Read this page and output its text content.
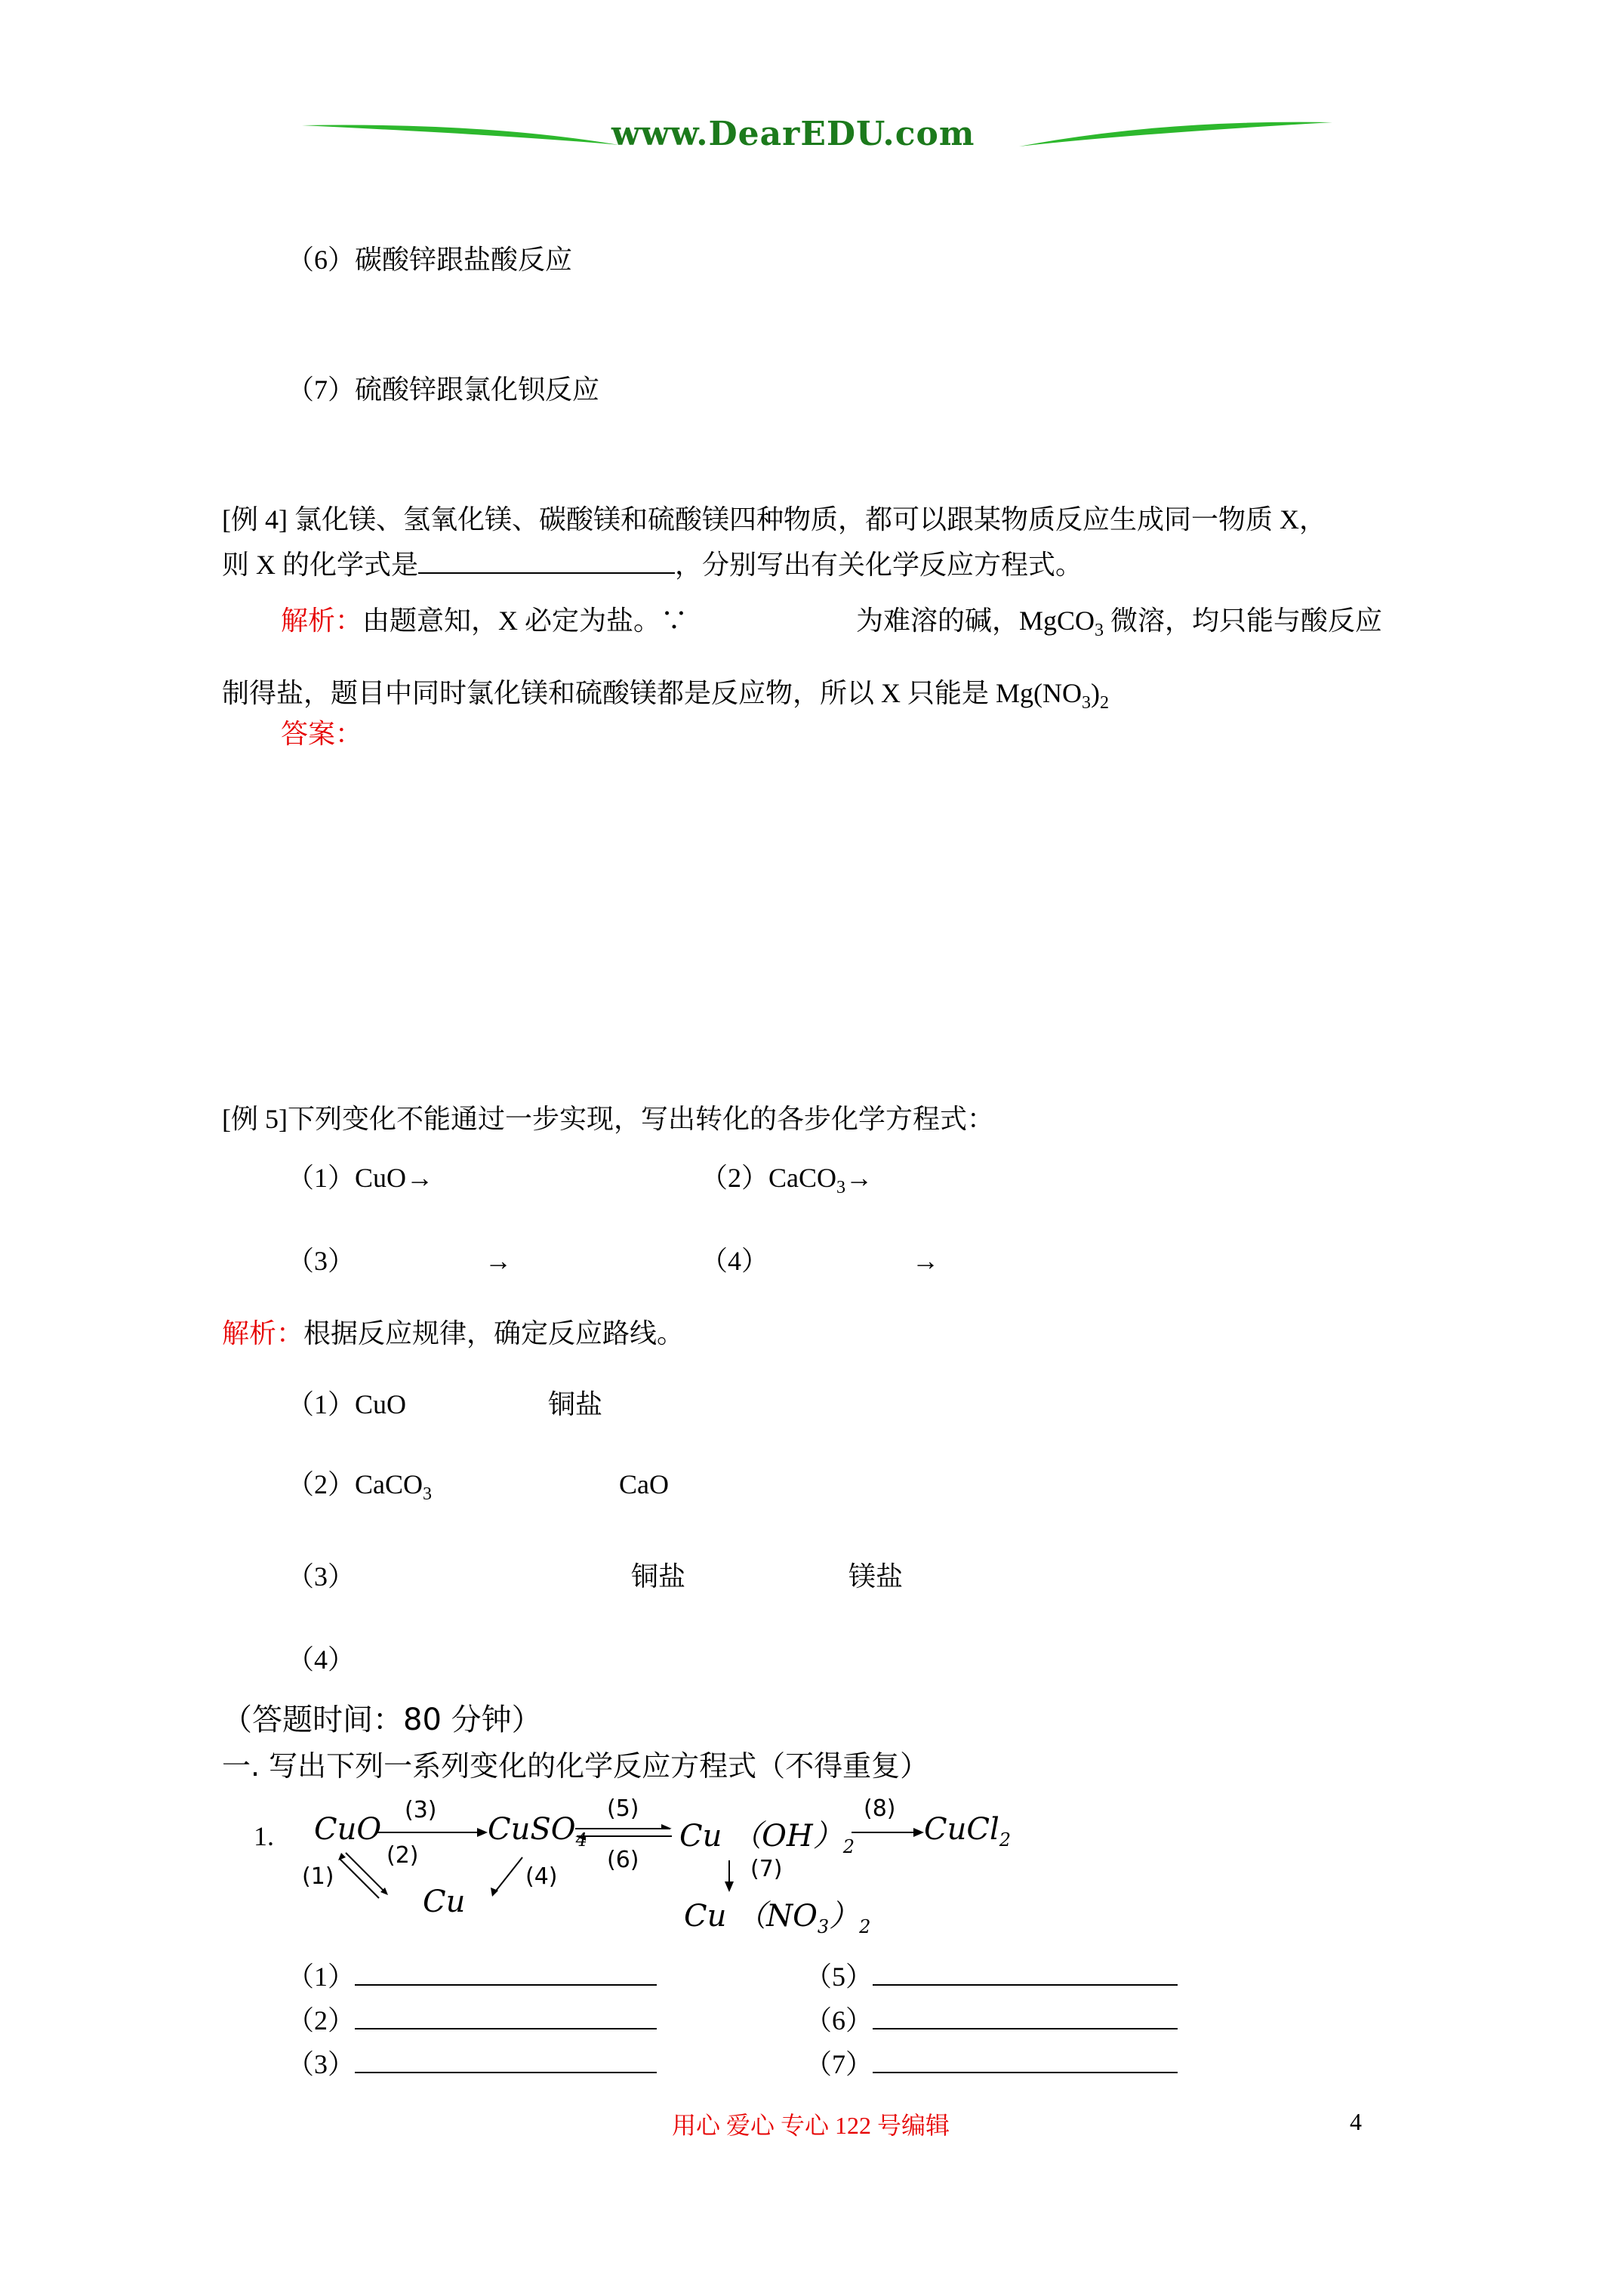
www.DearEDU.com
（6）碳酸锌跟盐酸反应
（7）硫酸锌跟氯化钡反应
[例 4] 氯化镁、氢氧化镁、碳酸镁和硫酸镁四种物质，都可以跟某物质反应生成同一物质 X，
则 X 的化学式是	，分别写出有关化学反应方程式。
解析：由题意知，X 必定为盐。∵	为难溶的碱，MgCO$_3$ 微溶，均只能与酸反应
制得盐，题目中同时氯化镁和硫酸镁都是反应物，所以 X 只能是 $Mg(NO_3)_2$
答案：
[例 5]下列变化不能通过一步实现，写出转化的各步化学方程式：
（1）CuO→	（2）CaCO$_3$→
（3）	→	（4）	→
解析：根据反应规律，确定反应路线。
（1）CuO	铜盐
（2）CaCO$_3$	CaO
（3）	铜盐	镁盐
（4）
（答题时间：80 分钟）
一. 写出下列一系列变化的化学反应方程式（不得重复）
1. CuO
(3)
CuSO$_4$
(5)
(6)
Cu $(OH)_2$
(8)
CuCl$_2$
(1)
(2)
(4)
Cu
(7)
Cu $(NO_3)_2$
（1）	（5）
（2）	（6）
（3）	（7）
用心 爱心 专心 122 号编辑	4
